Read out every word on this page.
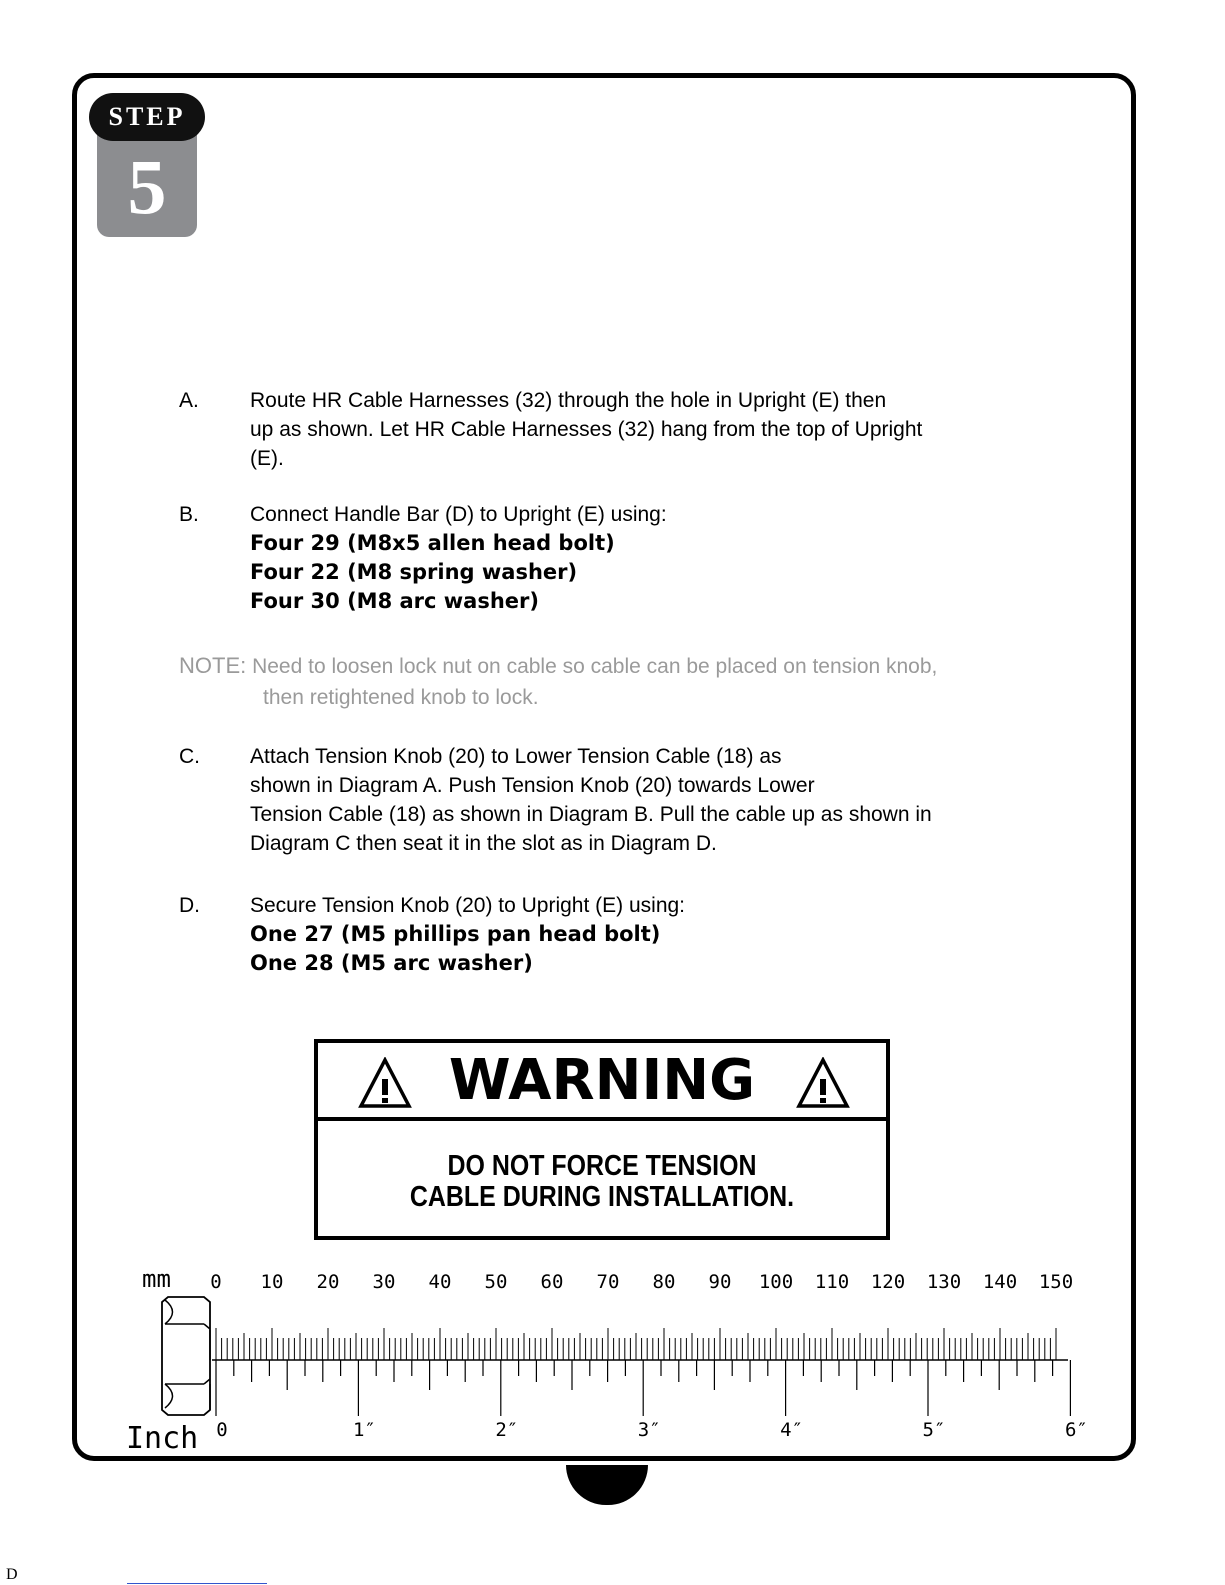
STEP
5
A. Route HR Cable Harnesses (32) through the hole in Upright (E) then
up as shown. Let HR Cable Harnesses (32) hang from the top of Upright
(E).
B. Connect Handle Bar (D) to Upright (E) using:
Four 29 (M8x5 allen head bolt)
Four 22 (M8 spring washer)
Four 30 (M8 arc washer)
NOTE: Need to loosen lock nut on cable so cable can be placed on tension knob,
then retightened knob to lock.
C. Attach Tension Knob (20) to Lower Tension Cable (18) as
shown in Diagram A. Push Tension Knob (20) towards Lower
Tension Cable (18) as shown in Diagram B. Pull the cable up as shown in
Diagram C then seat it in the slot as in Diagram D.
D. Secure Tension Knob (20) to Upright (E) using:
One 27 (M5 phillips pan head bolt)
One 28 (M5 arc washer)
WARNING
DO NOT FORCE TENSION
CABLE DURING INSTALLATION.
mm
Inch
0 10 20 30 40 50 60 70 80 90 100 110 120 130 140 150
0	1″	2″	3″	4″	5″	6″
D
